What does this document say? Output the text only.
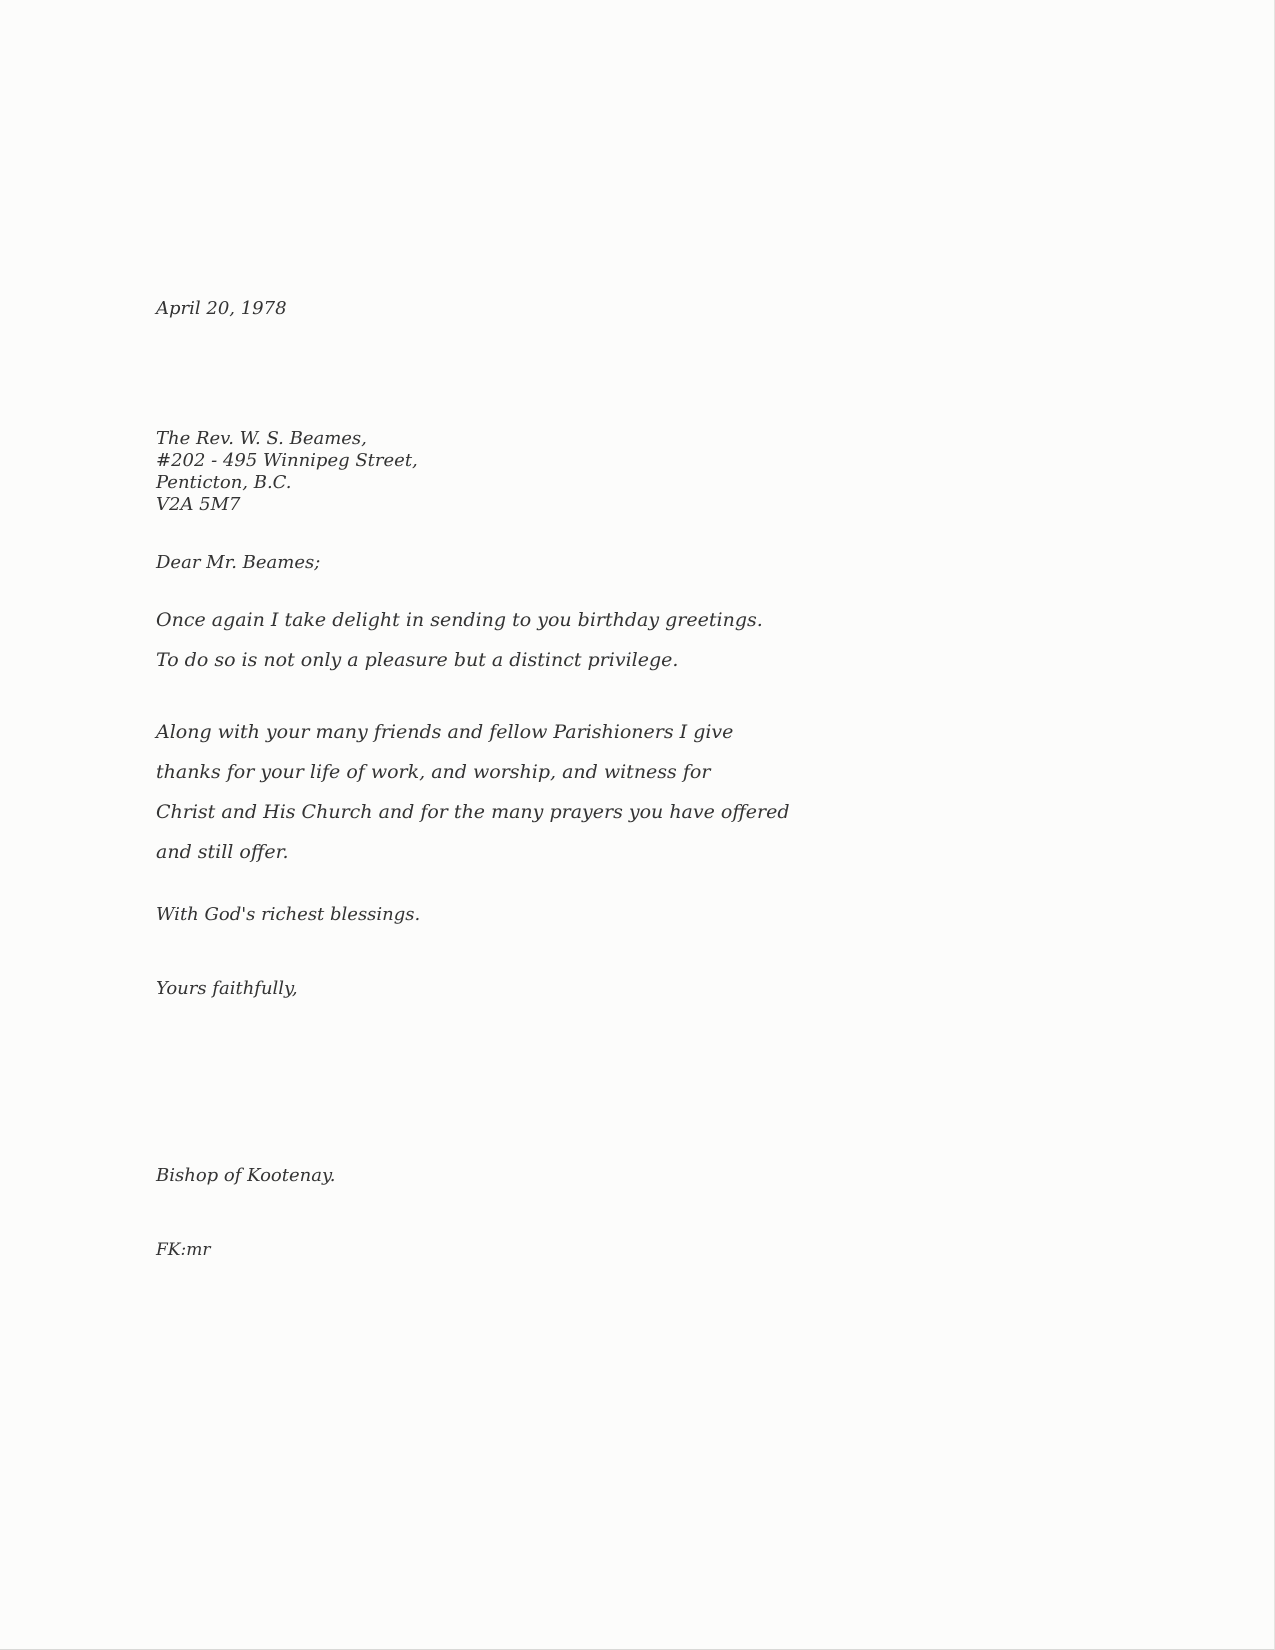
April 20, 1978

The Rev. W. S. Beames,
#202 - 495 Winnipeg Street,
Penticton, B.C.
V2A 5M7

Dear Mr. Beames;

Once again I take delight in sending to you birthday greetings.
To do so is not only a pleasure but a distinct privilege.
Along with your many friends and fellow Parishioners I give
thanks for your life of work, and worship, and witness for
Christ and His Church and for the many prayers you have offered
and still offer.

With God's richest blessings.

Yours faithfully,

Bishop of Kootenay.

FK:mr
